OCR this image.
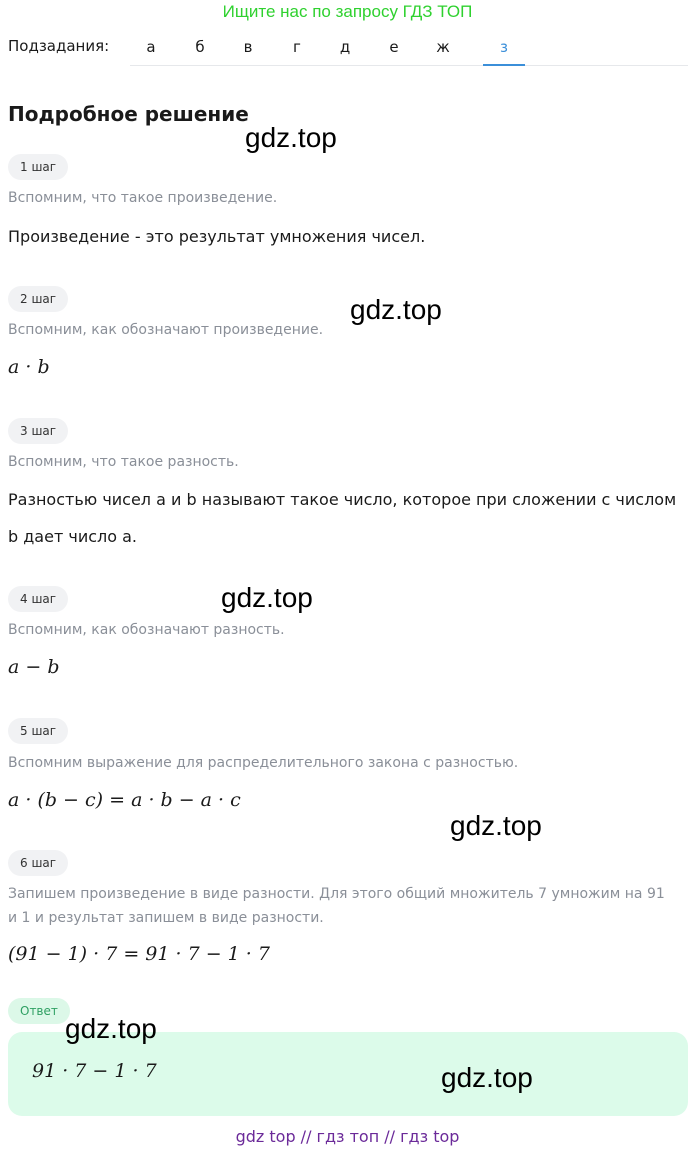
Ищите нас по запросу ГДЗ ТОП
Подзадания:	а	б	в	г	д	е	ж	з
Подробное решение
1 шаг
Вспомним, что такое произведение.
Произведение - это результат умножения чисел.
2 шаг
Вспомним, как обозначают произведение.
a · b
3 шаг
Вспомним, что такое разность.
Разностью чисел а и b называют такое число, которое при сложении с числом
b дает число а.
4 шаг
Вспомним, как обозначают разность.
a − b
5 шаг
Вспомним выражение для распределительного закона с разностью.
a · (b − c) = a · b − a · c
6 шаг
Запишем произведение в виде разности. Для этого общий множитель 7 умножим на 91
и 1 и результат запишем в виде разности.
(91 − 1) · 7 = 91 · 7 − 1 · 7
Ответ
91 · 7 − 1 · 7
gdz.top
gdz.top
gdz.top
gdz.top
gdz.top
gdz.top
gdz top // гдз топ // гдз top
